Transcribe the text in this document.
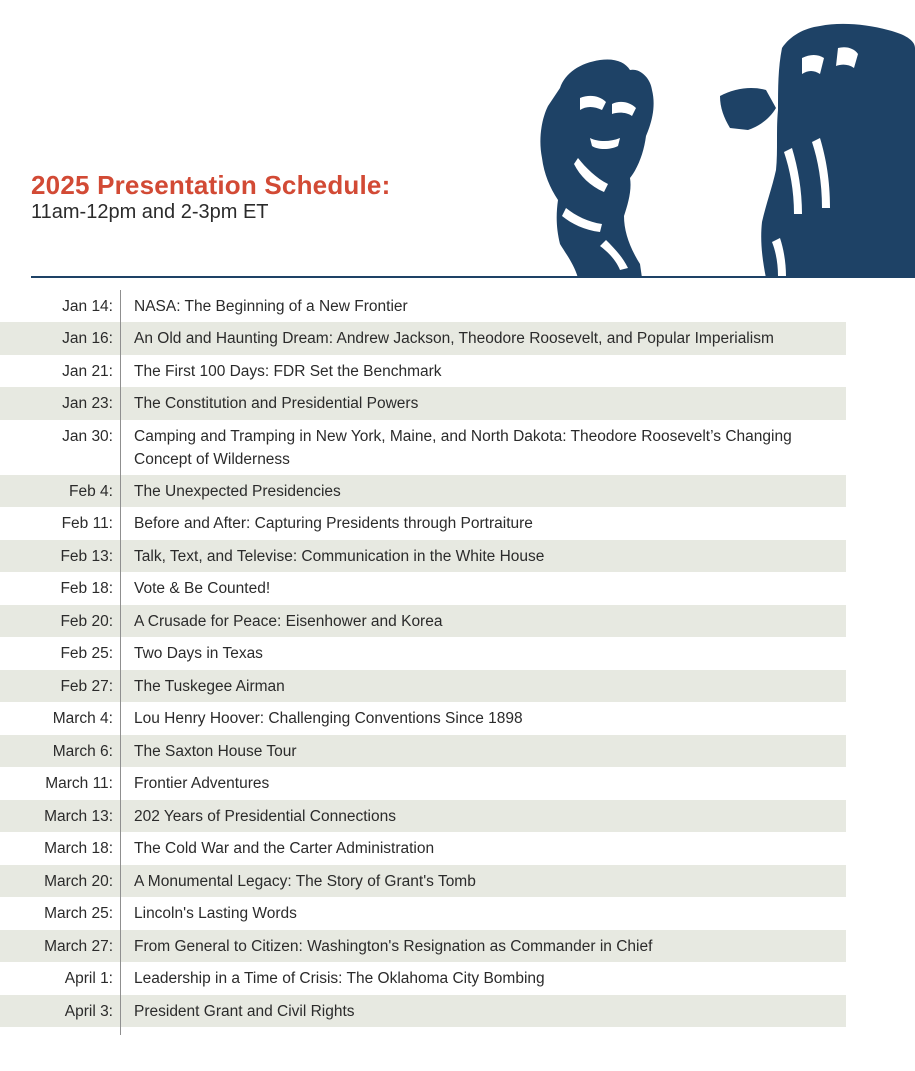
2025 Presentation Schedule:
11am-12pm and 2-3pm ET
Jan 14: NASA: The Beginning of a New Frontier
Jan 16: An Old and Haunting Dream: Andrew Jackson, Theodore Roosevelt, and Popular Imperialism
Jan 21: The First 100 Days: FDR Set the Benchmark
Jan 23: The Constitution and Presidential Powers
Jan 30: Camping and Tramping in New York, Maine, and North Dakota: Theodore Roosevelt’s Changing Concept of Wilderness
Feb 4: The Unexpected Presidencies
Feb 11: Before and After: Capturing Presidents through Portraiture
Feb 13: Talk, Text, and Televise: Communication in the White House
Feb 18: Vote & Be Counted!
Feb 20: A Crusade for Peace: Eisenhower and Korea
Feb 25: Two Days in Texas
Feb 27: The Tuskegee Airman
March 4: Lou Henry Hoover: Challenging Conventions Since 1898
March 6: The Saxton House Tour
March 11: Frontier Adventures
March 13: 202 Years of Presidential Connections
March 18: The Cold War and the Carter Administration
March 20: A Monumental Legacy: The Story of Grant's Tomb
March 25: Lincoln's Lasting Words
March 27: From General to Citizen: Washington's Resignation as Commander in Chief
April 1: Leadership in a Time of Crisis: The Oklahoma City Bombing
April 3: President Grant and Civil Rights
